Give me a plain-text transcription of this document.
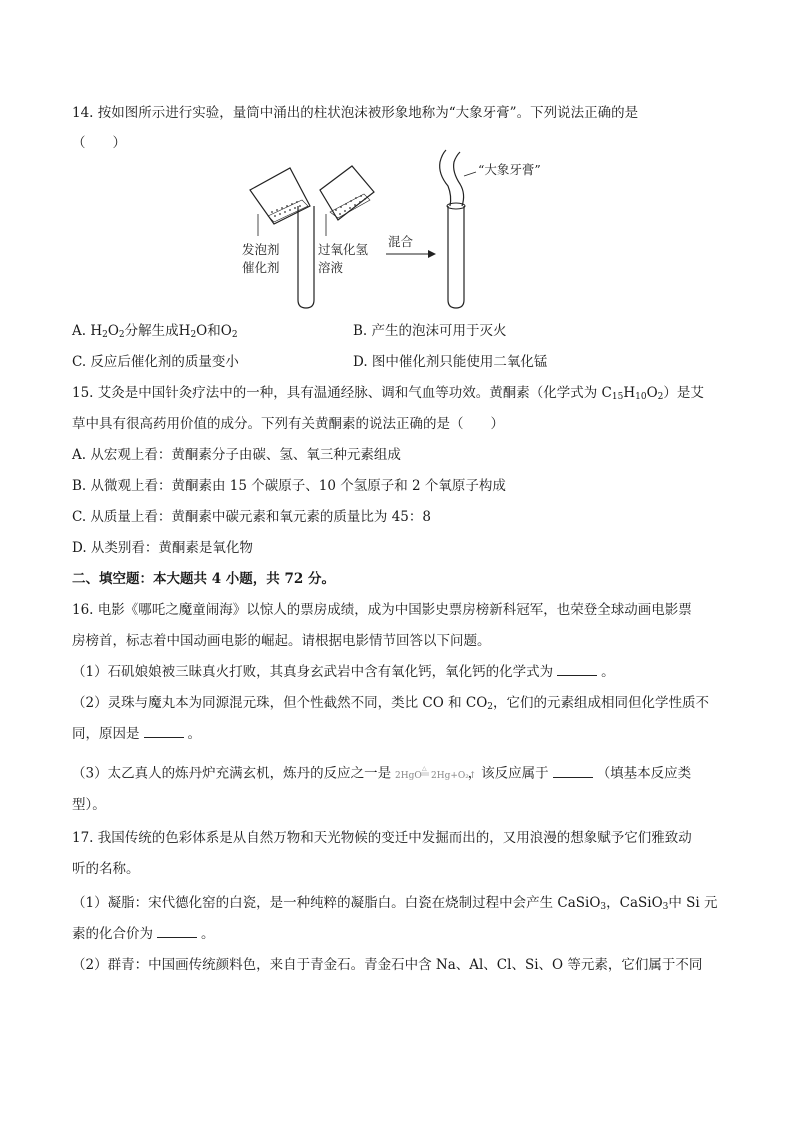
14. 按如图所示进行实验，量筒中涌出的柱状泡沫被形象地称为“大象牙膏”。下列说法正确的是
（　　）
发泡剂
催化剂
过氧化氢
溶液
混合
“大象牙膏”
A. $H_2O_2$分解生成$H_2O$和$O_2$	B. 产生的泡沫可用于灭火
C. 反应后催化剂的质量变小	D. 图中催化剂只能使用二氧化锰
15. 艾灸是中国针灸疗法中的一种，具有温通经脉、调和气血等功效。黄酮素（化学式为 $C_{15}H_{10}O_2$）是艾
草中具有很高药用价值的成分。下列有关黄酮素的说法正确的是（　　）
A. 从宏观上看：黄酮素分子由碳、氢、氧三种元素组成
B. 从微观上看：黄酮素由 15 个碳原子、10 个氢原子和 2 个氧原子构成
C. 从质量上看：黄酮素中碳元素和氧元素的质量比为 45：8
D. 从类别看：黄酮素是氧化物
二、填空题：本大题共 4 小题，共 72 分。
16. 电影《哪吒之魔童闹海》以惊人的票房成绩，成为中国影史票房榜新科冠军，也荣登全球动画电影票
房榜首，标志着中国动画电影的崛起。请根据电影情节回答以下问题。
（1）石矶娘娘被三昧真火打败，其真身玄武岩中含有氧化钙，氧化钙的化学式为	。
（2）灵珠与魔丸本为同源混元珠，但个性截然不同，类比 CO 和 $CO_2$，它们的元素组成相同但化学性质不
同，原因是	。
（3）太乙真人的炼丹炉充满玄机，炼丹的反应之一是 2HgO
△
2Hg+O₂↑
，该反应属于	（填基本反应类
型）。
17. 我国传统的色彩体系是从自然万物和天光物候的变迁中发掘而出的，又用浪漫的想象赋予它们雅致动
听的名称。
（1）凝脂：宋代德化窑的白瓷，是一种纯粹的凝脂白。白瓷在烧制过程中会产生 CaSiO$_3$，CaSiO$_3$中 Si 元
素的化合价为	。
（2）群青：中国画传统颜料色，来自于青金石。青金石中含 Na、Al、Cl、Si、O 等元素，它们属于不同
